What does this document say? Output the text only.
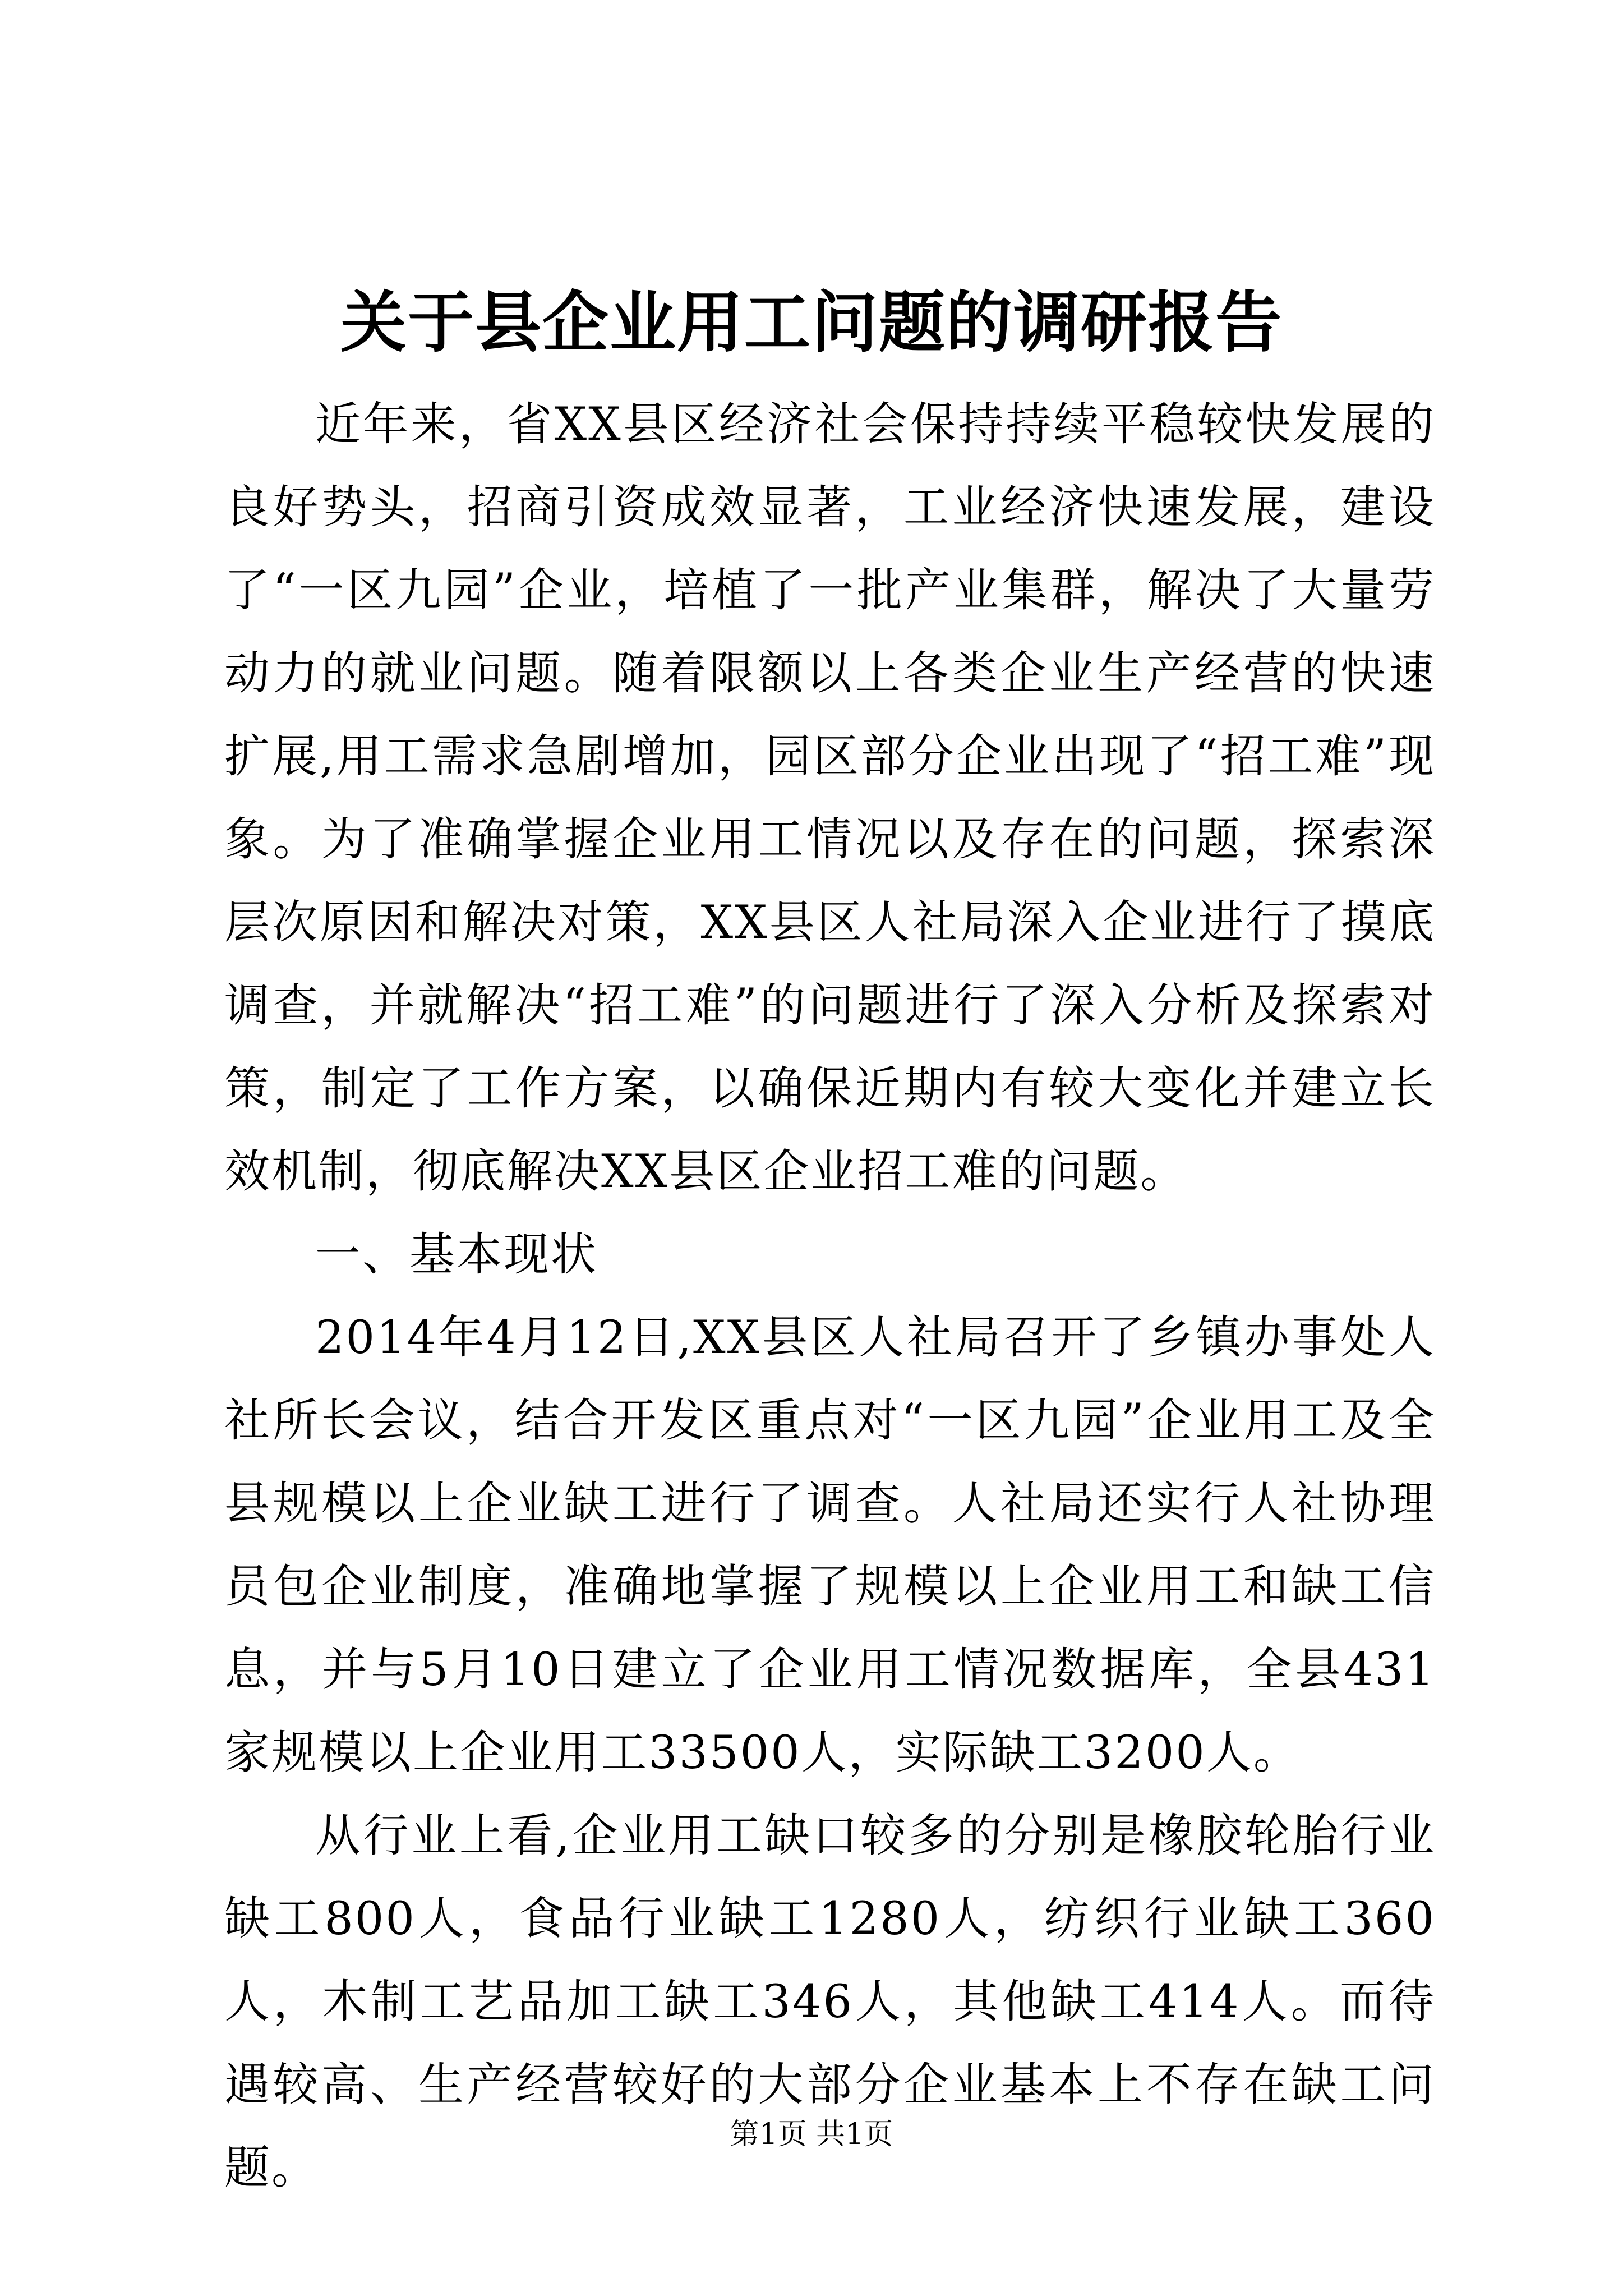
关于县企业用工问题的调研报告

近年来，省XX县区经济社会保持持续平稳较快发展的良好势头，招商引资成效显著，工业经济快速发展，建设了“一区九园”企业，培植了一批产业集群，解决了大量劳动力的就业问题。随着限额以上各类企业生产经营的快速扩展,用工需求急剧增加，园区部分企业出现了“招工难”现象。为了准确掌握企业用工情况以及存在的问题，探索深层次原因和解决对策，XX县区人社局深入企业进行了摸底调查，并就解决“招工难”的问题进行了深入分析及探索对策，制定了工作方案，以确保近期内有较大变化并建立长效机制，彻底解决XX县区企业招工难的问题。

一、基本现状

2014年4月12日,XX县区人社局召开了乡镇办事处人社所长会议，结合开发区重点对“一区九园”企业用工及全县规模以上企业缺工进行了调查。人社局还实行人社协理员包企业制度，准确地掌握了规模以上企业用工和缺工信息，并与5月10日建立了企业用工情况数据库，全县431家规模以上企业用工33500人，实际缺工3200人。

从行业上看,企业用工缺口较多的分别是橡胶轮胎行业缺工800人，食品行业缺工1280人，纺织行业缺工360人，木制工艺品加工缺工346人，其他缺工414人。而待遇较高、生产经营较好的大部分企业基本上不存在缺工问题。

第1页 共1页
